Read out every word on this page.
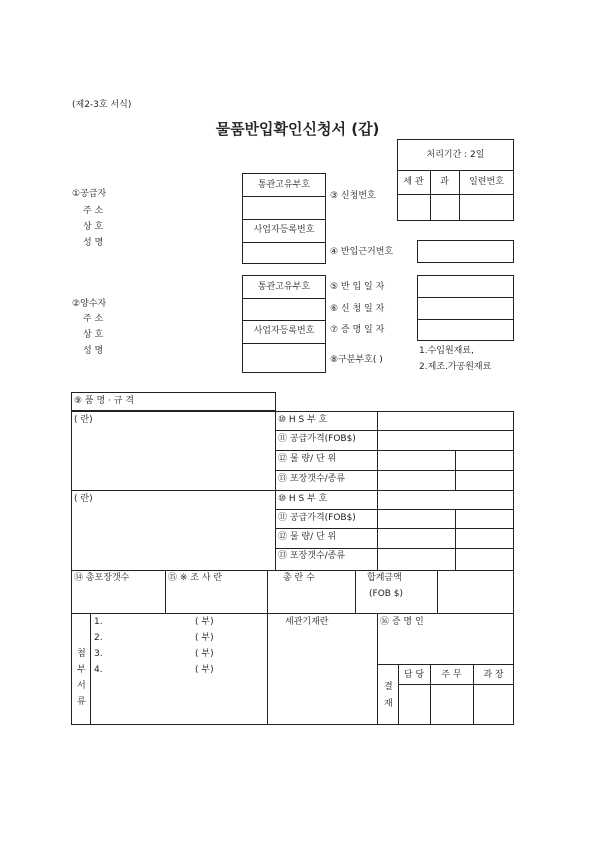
(제2-3호 서식)
물품반입확인신청서 (갑)
처리기간 : 2일
세 관	과	일련번호
①공급자
주 소
상 호
성 명
통관고유부호
사업자등록번호
③ 신청번호
④ 반입근거번호
②양수자
주 소
상 호
성 명
통관고유부호
사업자등록번호
⑤ 반 입 일 자
⑥ 신 청 일 자
⑦ 증 명 일 자
⑧구분부호( )
1.수입원재료,
2.제조.가공원재료
⑨ 품 명 · 규 격
( 란)	⑩ H S 부 호
⑪ 공급가격(FOB$)
⑫ 물 량/ 단 위
⑬ 포장갯수/종류
( 란)	⑩ H S 부 호
⑪ 공급가격(FOB$)
⑫ 물 량/ 단 위
⑬ 포장갯수/종류
⑭ 총포장갯수	⑮ ※ 조 사 란	총 란 수	합계금액
(FOB $)
첨
부
서
류
1.	( 부)
2.	( 부)
3.	( 부)
4.	( 부)
세관기재란	⑯ 증 명 인
결
재
담 당	주 무	과 장
